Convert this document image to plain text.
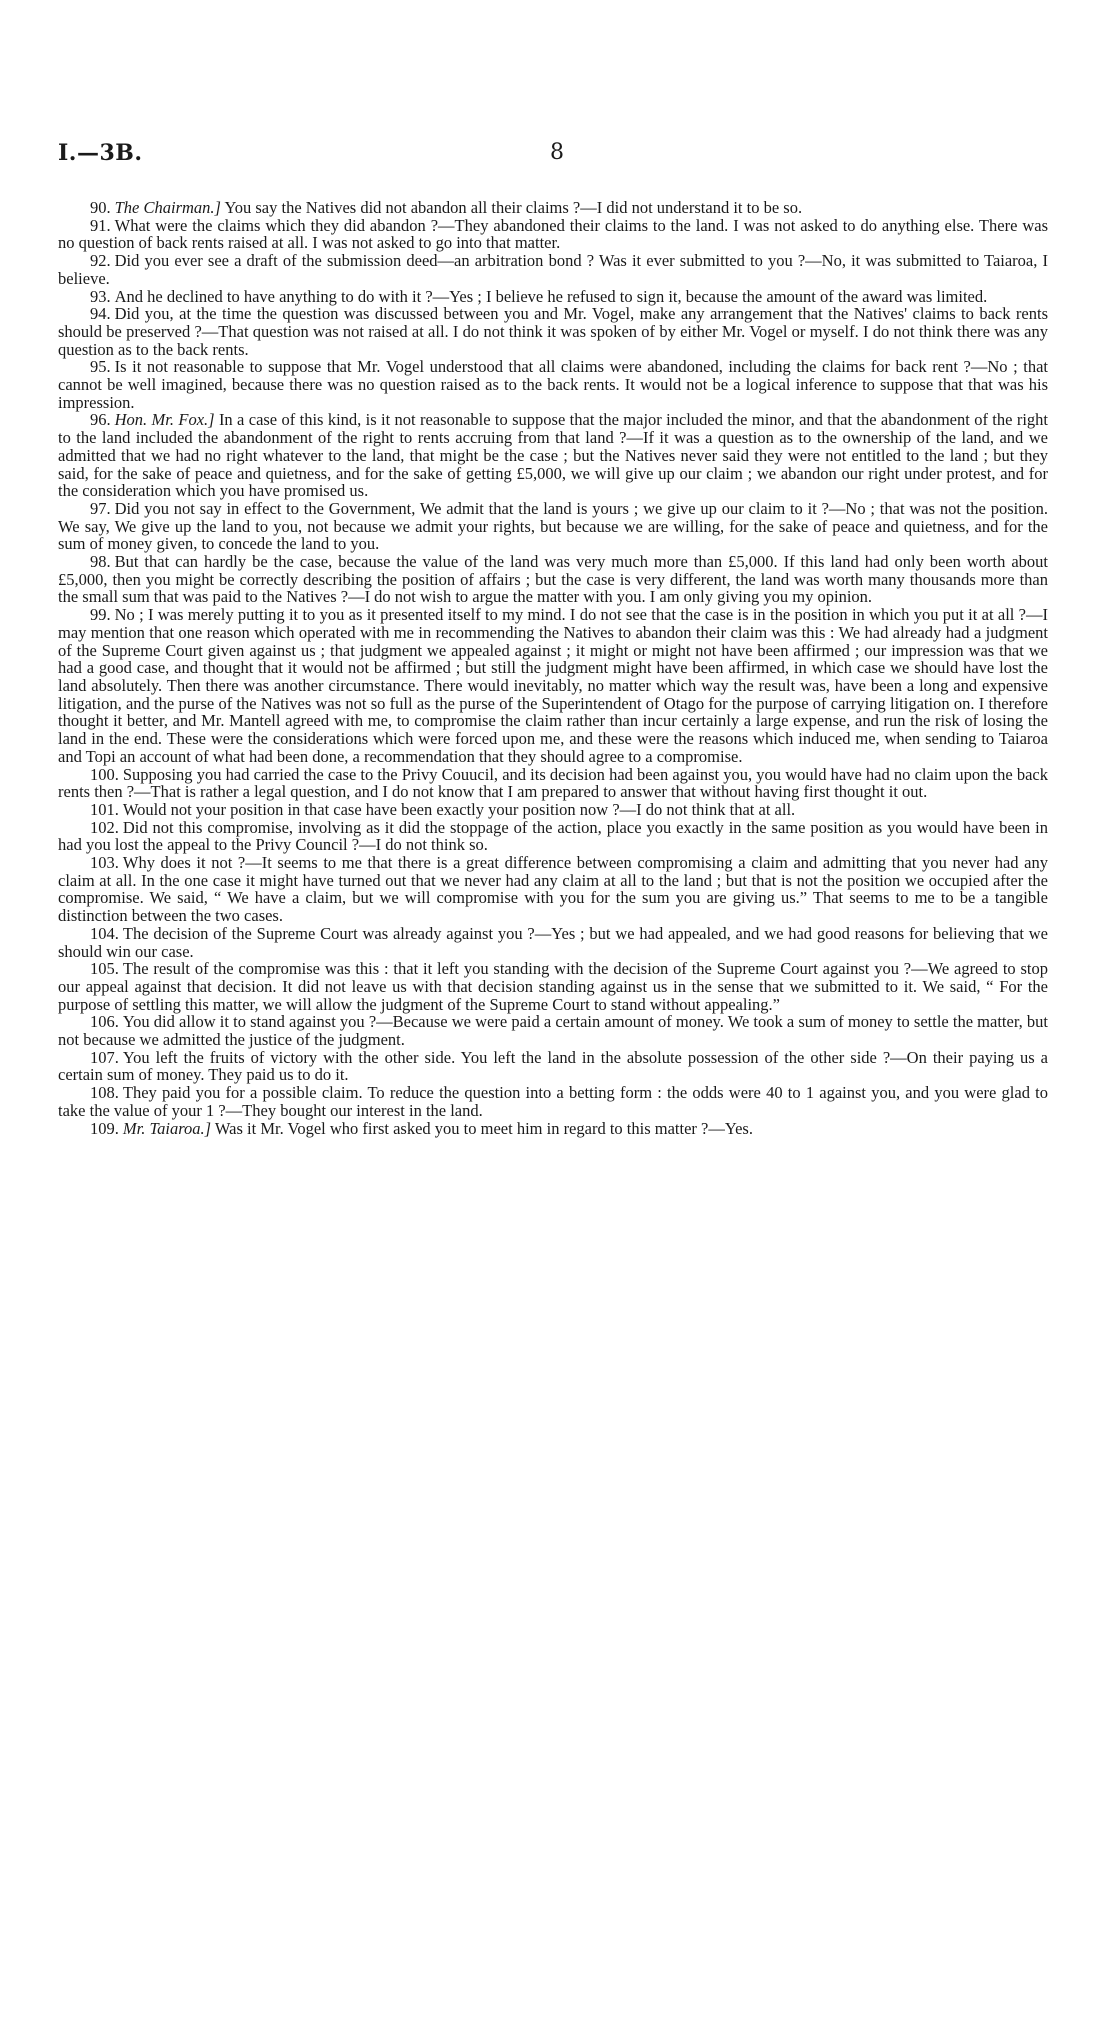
I.—3B.	8

90. The Chairman.] You say the Natives did not abandon all their claims ?—I did not understand it to be so.

91. What were the claims which they did abandon ?—They abandoned their claims to the land. I was not asked to do anything else. There was no question of back rents raised at all. I was not asked to go into that matter.

92. Did you ever see a draft of the submission deed—an arbitration bond ? Was it ever submitted to you ?—No, it was submitted to Taiaroa, I believe.

93. And he declined to have anything to do with it ?—Yes ; I believe he refused to sign it, because the amount of the award was limited.

94. Did you, at the time the question was discussed between you and Mr. Vogel, make any arrangement that the Natives' claims to back rents should be preserved ?—That question was not raised at all. I do not think it was spoken of by either Mr. Vogel or myself. I do not think there was any question as to the back rents.

95. Is it not reasonable to suppose that Mr. Vogel understood that all claims were abandoned, including the claims for back rent ?—No ; that cannot be well imagined, because there was no question raised as to the back rents. It would not be a logical inference to suppose that that was his impression.

96. Hon. Mr. Fox.] In a case of this kind, is it not reasonable to suppose that the major included the minor, and that the abandonment of the right to the land included the abandonment of the right to rents accruing from that land ?—If it was a question as to the ownership of the land, and we admitted that we had no right whatever to the land, that might be the case ; but the Natives never said they were not entitled to the land ; but they said, for the sake of peace and quietness, and for the sake of getting £5,000, we will give up our claim ; we abandon our right under protest, and for the consideration which you have promised us.

97. Did you not say in effect to the Government, We admit that the land is yours ; we give up our claim to it ?—No ; that was not the position. We say, We give up the land to you, not because we admit your rights, but because we are willing, for the sake of peace and quietness, and for the sum of money given, to concede the land to you.

98. But that can hardly be the case, because the value of the land was very much more than £5,000. If this land had only been worth about £5,000, then you might be correctly describing the position of affairs ; but the case is very different, the land was worth many thousands more than the small sum that was paid to the Natives ?—I do not wish to argue the matter with you. I am only giving you my opinion.

99. No ; I was merely putting it to you as it presented itself to my mind. I do not see that the case is in the position in which you put it at all ?—I may mention that one reason which operated with me in recommending the Natives to abandon their claim was this : We had already had a judgment of the Supreme Court given against us ; that judgment we appealed against ; it might or might not have been affirmed ; our impression was that we had a good case, and thought that it would not be affirmed ; but still the judgment might have been affirmed, in which case we should have lost the land absolutely. Then there was another circumstance. There would inevitably, no matter which way the result was, have been a long and expensive litigation, and the purse of the Natives was not so full as the purse of the Superintendent of Otago for the purpose of carrying litigation on. I therefore thought it better, and Mr. Mantell agreed with me, to compromise the claim rather than incur certainly a large expense, and run the risk of losing the land in the end. These were the considerations which were forced upon me, and these were the reasons which induced me, when sending to Taiaroa and Topi an account of what had been done, a recommendation that they should agree to a compromise.

100. Supposing you had carried the case to the Privy Couucil, and its decision had been against you, you would have had no claim upon the back rents then ?—That is rather a legal question, and I do not know that I am prepared to answer that without having first thought it out.

101. Would not your position in that case have been exactly your position now ?—I do not think that at all.

102. Did not this compromise, involving as it did the stoppage of the action, place you exactly in the same position as you would have been in had you lost the appeal to the Privy Council ?—I do not think so.

103. Why does it not ?—It seems to me that there is a great difference between compromising a claim and admitting that you never had any claim at all. In the one case it might have turned out that we never had any claim at all to the land ; but that is not the position we occupied after the compromise. We said, “ We have a claim, but we will compromise with you for the sum you are giving us.” That seems to me to be a tangible distinction between the two cases.

104. The decision of the Supreme Court was already against you ?—Yes ; but we had appealed, and we had good reasons for believing that we should win our case.

105. The result of the compromise was this : that it left you standing with the decision of the Supreme Court against you ?—We agreed to stop our appeal against that decision. It did not leave us with that decision standing against us in the sense that we submitted to it. We said, “ For the purpose of settling this matter, we will allow the judgment of the Supreme Court to stand without appealing.”

106. You did allow it to stand against you ?—Because we were paid a certain amount of money. We took a sum of money to settle the matter, but not because we admitted the justice of the judgment.

107. You left the fruits of victory with the other side. You left the land in the absolute possession of the other side ?—On their paying us a certain sum of money. They paid us to do it.

108. They paid you for a possible claim. To reduce the question into a betting form : the odds were 40 to 1 against you, and you were glad to take the value of your 1 ?—They bought our interest in the land.

109. Mr. Taiaroa.] Was it Mr. Vogel who first asked you to meet him in regard to this matter ?—Yes.
